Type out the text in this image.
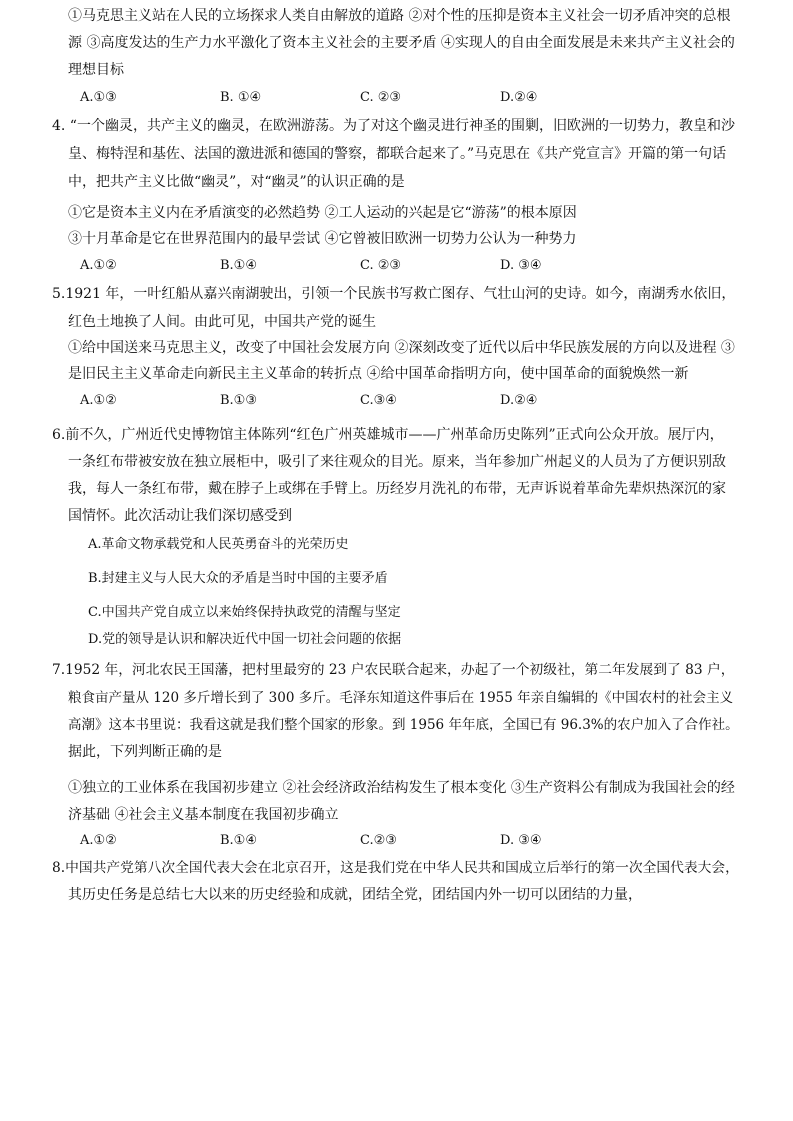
①马克思主义站在人民的立场探求人类自由解放的道路 ②对个性的压抑是资本主义社会一切矛盾冲突的总根
源 ③高度发达的生产力水平激化了资本主义社会的主要矛盾 ④实现人的自由全面发展是未来共产主义社会的
理想目标
A.①③	B. ①④	C. ②③	D.②④
4. “一个幽灵，共产主义的幽灵，在欧洲游荡。为了对这个幽灵进行神圣的围剿，旧欧洲的一切势力，教皇和沙
皇、梅特涅和基佐、法国的激进派和德国的警察，都联合起来了。”马克思在《共产党宣言》开篇的第一句话
中，把共产主义比做“幽灵”，对“幽灵”的认识正确的是
①它是资本主义内在矛盾演变的必然趋势 ②工人运动的兴起是它“游荡”的根本原因
③十月革命是它在世界范围内的最早尝试 ④它曾被旧欧洲一切势力公认为一种势力
A.①②	B.①④	C. ②③	D. ③④
5.1921 年，一叶红船从嘉兴南湖驶出，引领一个民族书写救亡图存、气壮山河的史诗。如今，南湖秀水依旧，
红色土地换了人间。由此可见，中国共产党的诞生
①给中国送来马克思主义，改变了中国社会发展方向 ②深刻改变了近代以后中华民族发展的方向以及进程 ③
是旧民主主义革命走向新民主主义革命的转折点 ④给中国革命指明方向，使中国革命的面貌焕然一新
A.①②	B.①③	C.③④	D.②④
6.前不久，广州近代史博物馆主体陈列“红色广州英雄城市——广州革命历史陈列”正式向公众开放。展厅内，
一条红布带被安放在独立展柜中，吸引了来往观众的目光。原来，当年参加广州起义的人员为了方便识别敌
我，每人一条红布带，戴在脖子上或绑在手臂上。历经岁月洗礼的布带，无声诉说着革命先辈炽热深沉的家
国情怀。此次活动让我们深切感受到
A.革命文物承载党和人民英勇奋斗的光荣历史
B.封建主义与人民大众的矛盾是当时中国的主要矛盾
C.中国共产党自成立以来始终保持执政党的清醒与坚定
D.党的领导是认识和解决近代中国一切社会问题的依据
7.1952 年，河北农民王国藩，把村里最穷的 23 户农民联合起来，办起了一个初级社，第二年发展到了 83 户，
粮食亩产量从 120 多斤增长到了 300 多斤。毛泽东知道这件事后在 1955 年亲自编辑的《中国农村的社会主义
高潮》这本书里说：我看这就是我们整个国家的形象。到 1956 年年底，全国已有 96.3%的农户加入了合作社。
据此，下列判断正确的是
①独立的工业体系在我国初步建立 ②社会经济政治结构发生了根本变化 ③生产资料公有制成为我国社会的经
济基础 ④社会主义基本制度在我国初步确立
A.①②	B.①④	C.②③	D. ③④
8.中国共产党第八次全国代表大会在北京召开，这是我们党在中华人民共和国成立后举行的第一次全国代表大会，
其历史任务是总结七大以来的历史经验和成就，团结全党，团结国内外一切可以团结的力量，
